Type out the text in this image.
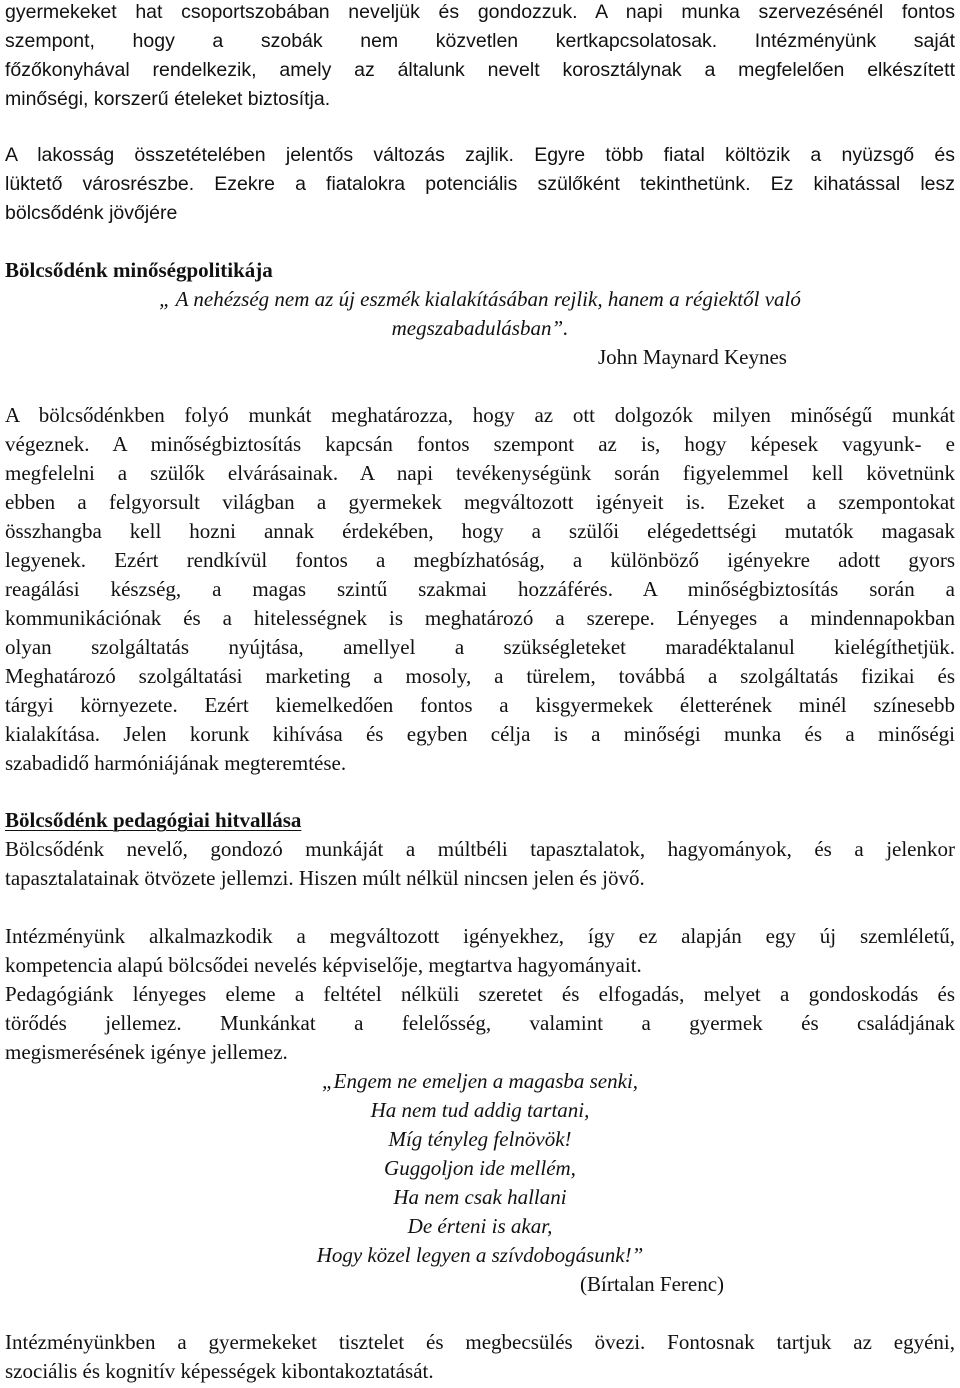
gyermekeket hat csoportszobában neveljük és gondozzuk. A napi munka szervezésénél fontos
szempont, hogy a szobák nem közvetlen kertkapcsolatosak. Intézményünk saját
főzőkonyhával rendelkezik, amely az általunk nevelt korosztálynak a megfelelően elkészített
minőségi, korszerű ételeket biztosítja.
A lakosság összetételében jelentős változás zajlik. Egyre több fiatal költözik a nyüzsgő és
lüktető városrészbe. Ezekre a fiatalokra potenciális szülőként tekinthetünk. Ez kihatással lesz
bölcsődénk jövőjére
Bölcsődénk minőségpolitikája
„ A nehézség nem az új eszmék kialakításában rejlik, hanem a régiektől való
megszabadulásban”.
John Maynard Keynes
A bölcsődénkben folyó munkát meghatározza, hogy az ott dolgozók milyen minőségű munkát
végeznek. A minőségbiztosítás kapcsán fontos szempont az is, hogy képesek vagyunk- e
megfelelni a szülők elvárásainak. A napi tevékenységünk során figyelemmel kell követnünk
ebben a felgyorsult világban a gyermekek megváltozott igényeit is. Ezeket a szempontokat
összhangba kell hozni annak érdekében, hogy a szülői elégedettségi mutatók magasak
legyenek. Ezért rendkívül fontos a megbízhatóság, a különböző igényekre adott gyors
reagálási készség, a magas szintű szakmai hozzáférés. A minőségbiztosítás során a
kommunikációnak és a hitelességnek is meghatározó a szerepe. Lényeges a mindennapokban
olyan szolgáltatás nyújtása, amellyel a szükségleteket maradéktalanul kielégíthetjük.
Meghatározó szolgáltatási marketing a mosoly, a türelem, továbbá a szolgáltatás fizikai és
tárgyi környezete. Ezért kiemelkedően fontos a kisgyermekek életterének minél színesebb
kialakítása. Jelen korunk kihívása és egyben célja is a minőségi munka és a minőségi
szabadidő harmóniájának megteremtése.
Bölcsődénk pedagógiai hitvallása
Bölcsődénk nevelő, gondozó munkáját a múltbéli tapasztalatok, hagyományok, és a jelenkor
tapasztalatainak ötvözete jellemzi. Hiszen múlt nélkül nincsen jelen és jövő.
Intézményünk alkalmazkodik a megváltozott igényekhez, így ez alapján egy új szemléletű,
kompetencia alapú bölcsődei nevelés képviselője, megtartva hagyományait.
Pedagógiánk lényeges eleme a feltétel nélküli szeretet és elfogadás, melyet a gondoskodás és
törődés jellemez. Munkánkat a felelősség, valamint a gyermek és családjának
megismerésének igénye jellemez.
„Engem ne emeljen a magasba senki,
Ha nem tud addig tartani,
Míg tényleg felnövök!
Guggoljon ide mellém,
Ha nem csak hallani
De érteni is akar,
Hogy közel legyen a szívdobogásunk!”
(Bírtalan Ferenc)
Intézményünkben a gyermekeket tisztelet és megbecsülés övezi. Fontosnak tartjuk az egyéni,
szociális és kognitív képességek kibontakoztatását.
